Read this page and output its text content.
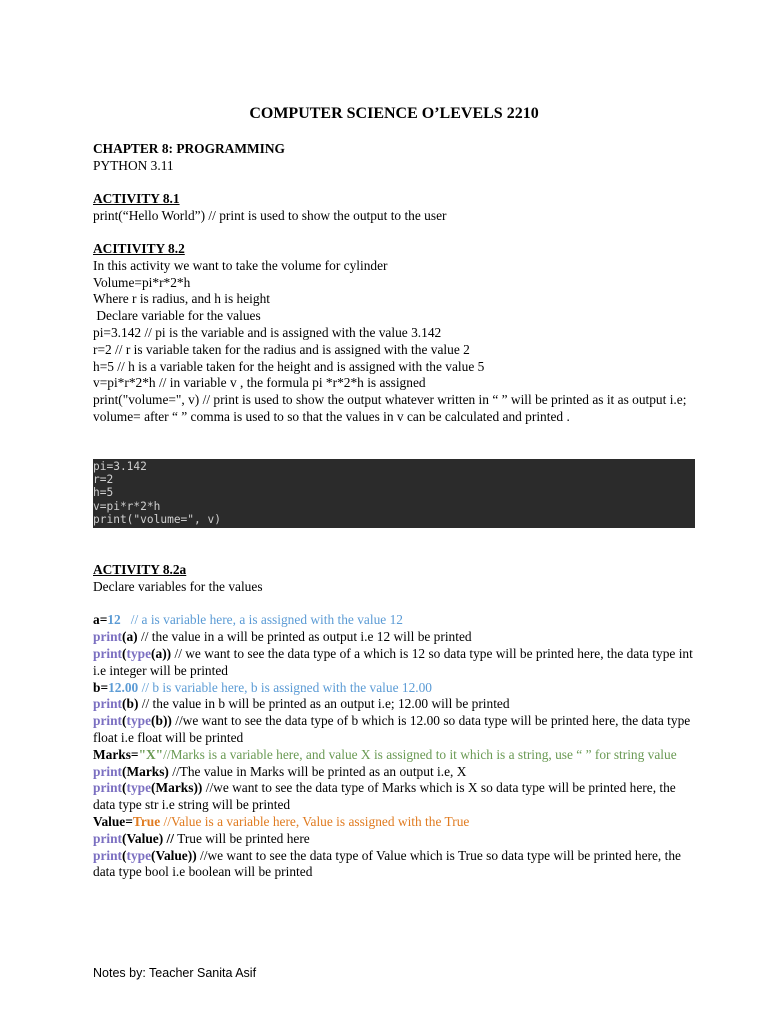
COMPUTER SCIENCE O’LEVELS 2210

CHAPTER 8: PROGRAMMING

PYTHON 3.11

ACTIVITY 8.1

print(“Hello World”) // print is used to show the output to the user

ACITIVITY 8.2

In this activity we want to take the volume for cylinder

Volume=pi*r*2*h

Where r is radius, and h is height

Declare variable for the values

pi=3.142 // pi is the variable and is assigned with the value 3.142

r=2 // r is variable taken for the radius and is assigned with the value 2

h=5 // h is a variable taken for the height and is assigned with the value 5

v=pi*r*2*h // in variable v , the formula pi *r*2*h is assigned

print("volume=", v) // print is used to show the output whatever written in “ ” will be printed as it as output i.e; volume= after “ ” comma is used to so that the values in v can be calculated and printed .

pi=3.142
r=2
h=5
v=pi*r*2*h
print("volume=", v)

ACTIVITY 8.2a

Declare variables for the values

a=12   // a is variable here, a is assigned with the value 12

print(a) // the value in a will be printed as output i.e 12 will be printed

print(type(a)) // we want to see the data type of a which is 12 so data type will be printed here, the data type int i.e integer will be printed

b=12.00 // b is variable here, b is assigned with the value 12.00

print(b) // the value in b will be printed as an output i.e; 12.00 will be printed

print(type(b)) //we want to see the data type of b which is 12.00 so data type will be printed here, the data type float i.e float will be printed

Marks="X"//Marks is a variable here, and value X is assigned to it which is a string, use “ ” for string value

print(Marks) //The value in Marks will be printed as an output i.e, X

print(type(Marks)) //we want to see the data type of Marks which is X so data type will be printed here, the data type str i.e string will be printed

Value=True //Value is a variable here, Value is assigned with the True

print(Value) // True will be printed here

print(type(Value)) //we want to see the data type of Value which is True so data type will be printed here, the data type bool i.e boolean will be printed

Notes by: Teacher Sanita Asif
